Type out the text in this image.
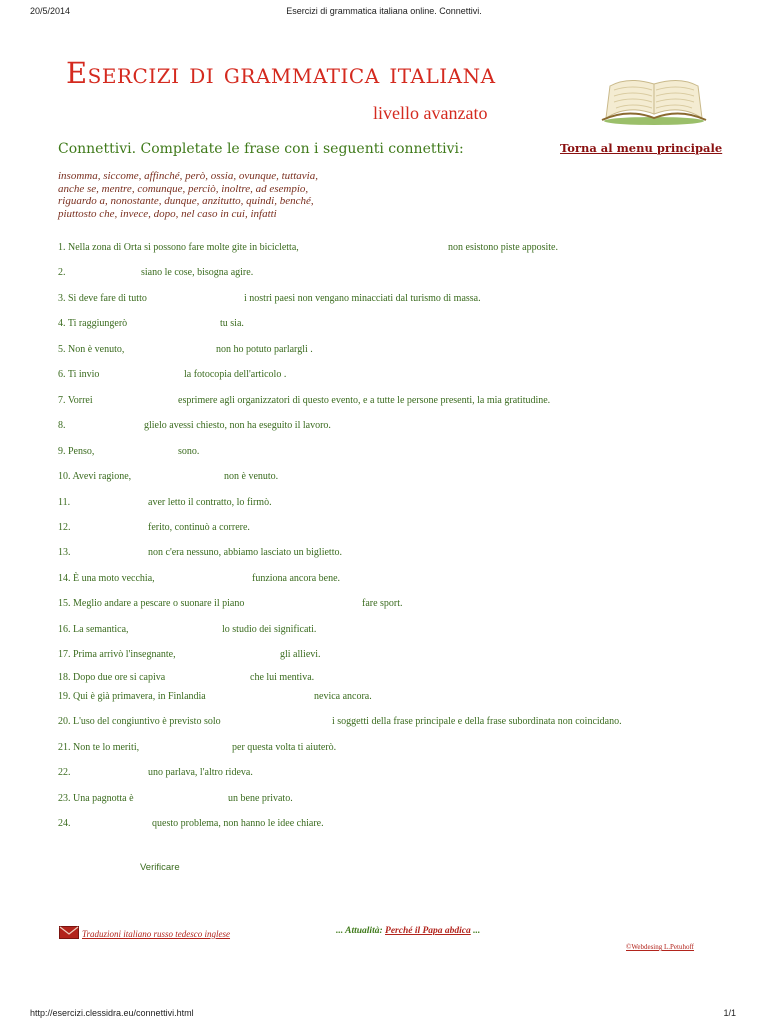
20/5/2014	Esercizi di grammatica italiana online. Connettivi.
Esercizi di grammatica italiana
livello avanzato
Connettivi. Completate le frase con i seguenti connettivi:	Torna al menu principale
insomma, siccome, affinché, però, ossia, ovunque, tuttavia,
anche se, mentre, comunque, perciò, inoltre, ad esempio,
riguardo a, nonostante, dunque, anzitutto, quindi, benché,
piuttosto che, invece, dopo, nel caso in cui, infatti
1. Nella zona di Orta si possono fare molte gite in bicicletta,	non esistono piste apposite.
2.	siano le cose, bisogna agire.
3. Si deve fare di tutto	i nostri paesi non vengano minacciati dal turismo di massa.
4. Ti raggiungerò	tu sia.
5. Non è venuto,	non ho potuto parlargli .
6. Ti invio	la fotocopia dell'articolo .
7. Vorrei	esprimere agli organizzatori di questo evento, e a tutte le persone presenti, la mia gratitudine.
8.	glielo avessi chiesto, non ha eseguito il lavoro.
9. Penso,	sono.
10. Avevi ragione,	non è venuto.
11.	aver letto il contratto, lo firmò.
12.	ferito, continuò a correre.
13.	non c'era nessuno, abbiamo lasciato un biglietto.
14. È una moto vecchia,	funziona ancora bene.
15. Meglio andare a pescare o suonare il piano	fare sport.
16. La semantica,	lo studio dei significati.
17. Prima arrivò l'insegnante,	gli allievi.
18. Dopo due ore si capiva	che lui mentiva.
19. Qui è già primavera, in Finlandia	nevica ancora.
20. L'uso del congiuntivo è previsto solo	i soggetti della frase principale e della frase subordinata non coincidano.
21. Non te lo meriti,	per questa volta ti aiuterò.
22.	uno parlava, l'altro rideva.
23. Una pagnotta è	un bene privato.
24.	questo problema, non hanno le idee chiare.
Verificare
Traduzioni italiano russo tedesco inglese	... Attualità: Perché il Papa abdica ...
©Webdesing L.Petuhoff
http://esercizi.clessidra.eu/connettivi.html	1/1
